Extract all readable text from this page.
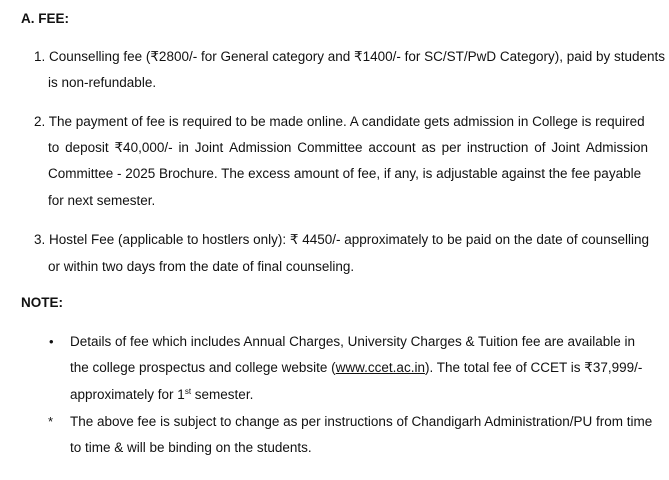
A. FEE:
1. Counselling fee (₹2800/- for General category and ₹1400/- for SC/ST/PwD Category), paid by students
is non-refundable.
2. The payment of fee is required to be made online. A candidate gets admission in College is required
to deposit ₹40,000/- in Joint Admission Committee account as per instruction of Joint Admission
Committee - 2025 Brochure. The excess amount of fee, if any, is adjustable against the fee payable
for next semester.
3. Hostel Fee (applicable to hostlers only): ₹ 4450/- approximately to be paid on the date of counselling
or within two days from the date of final counseling.
NOTE:
• Details of fee which includes Annual Charges, University Charges & Tuition fee are available in
the college prospectus and college website (www.ccet.ac.in). The total fee of CCET is ₹37,999/-
approximately for 1st semester.
* The above fee is subject to change as per instructions of Chandigarh Administration/PU from time
to time & will be binding on the students.
